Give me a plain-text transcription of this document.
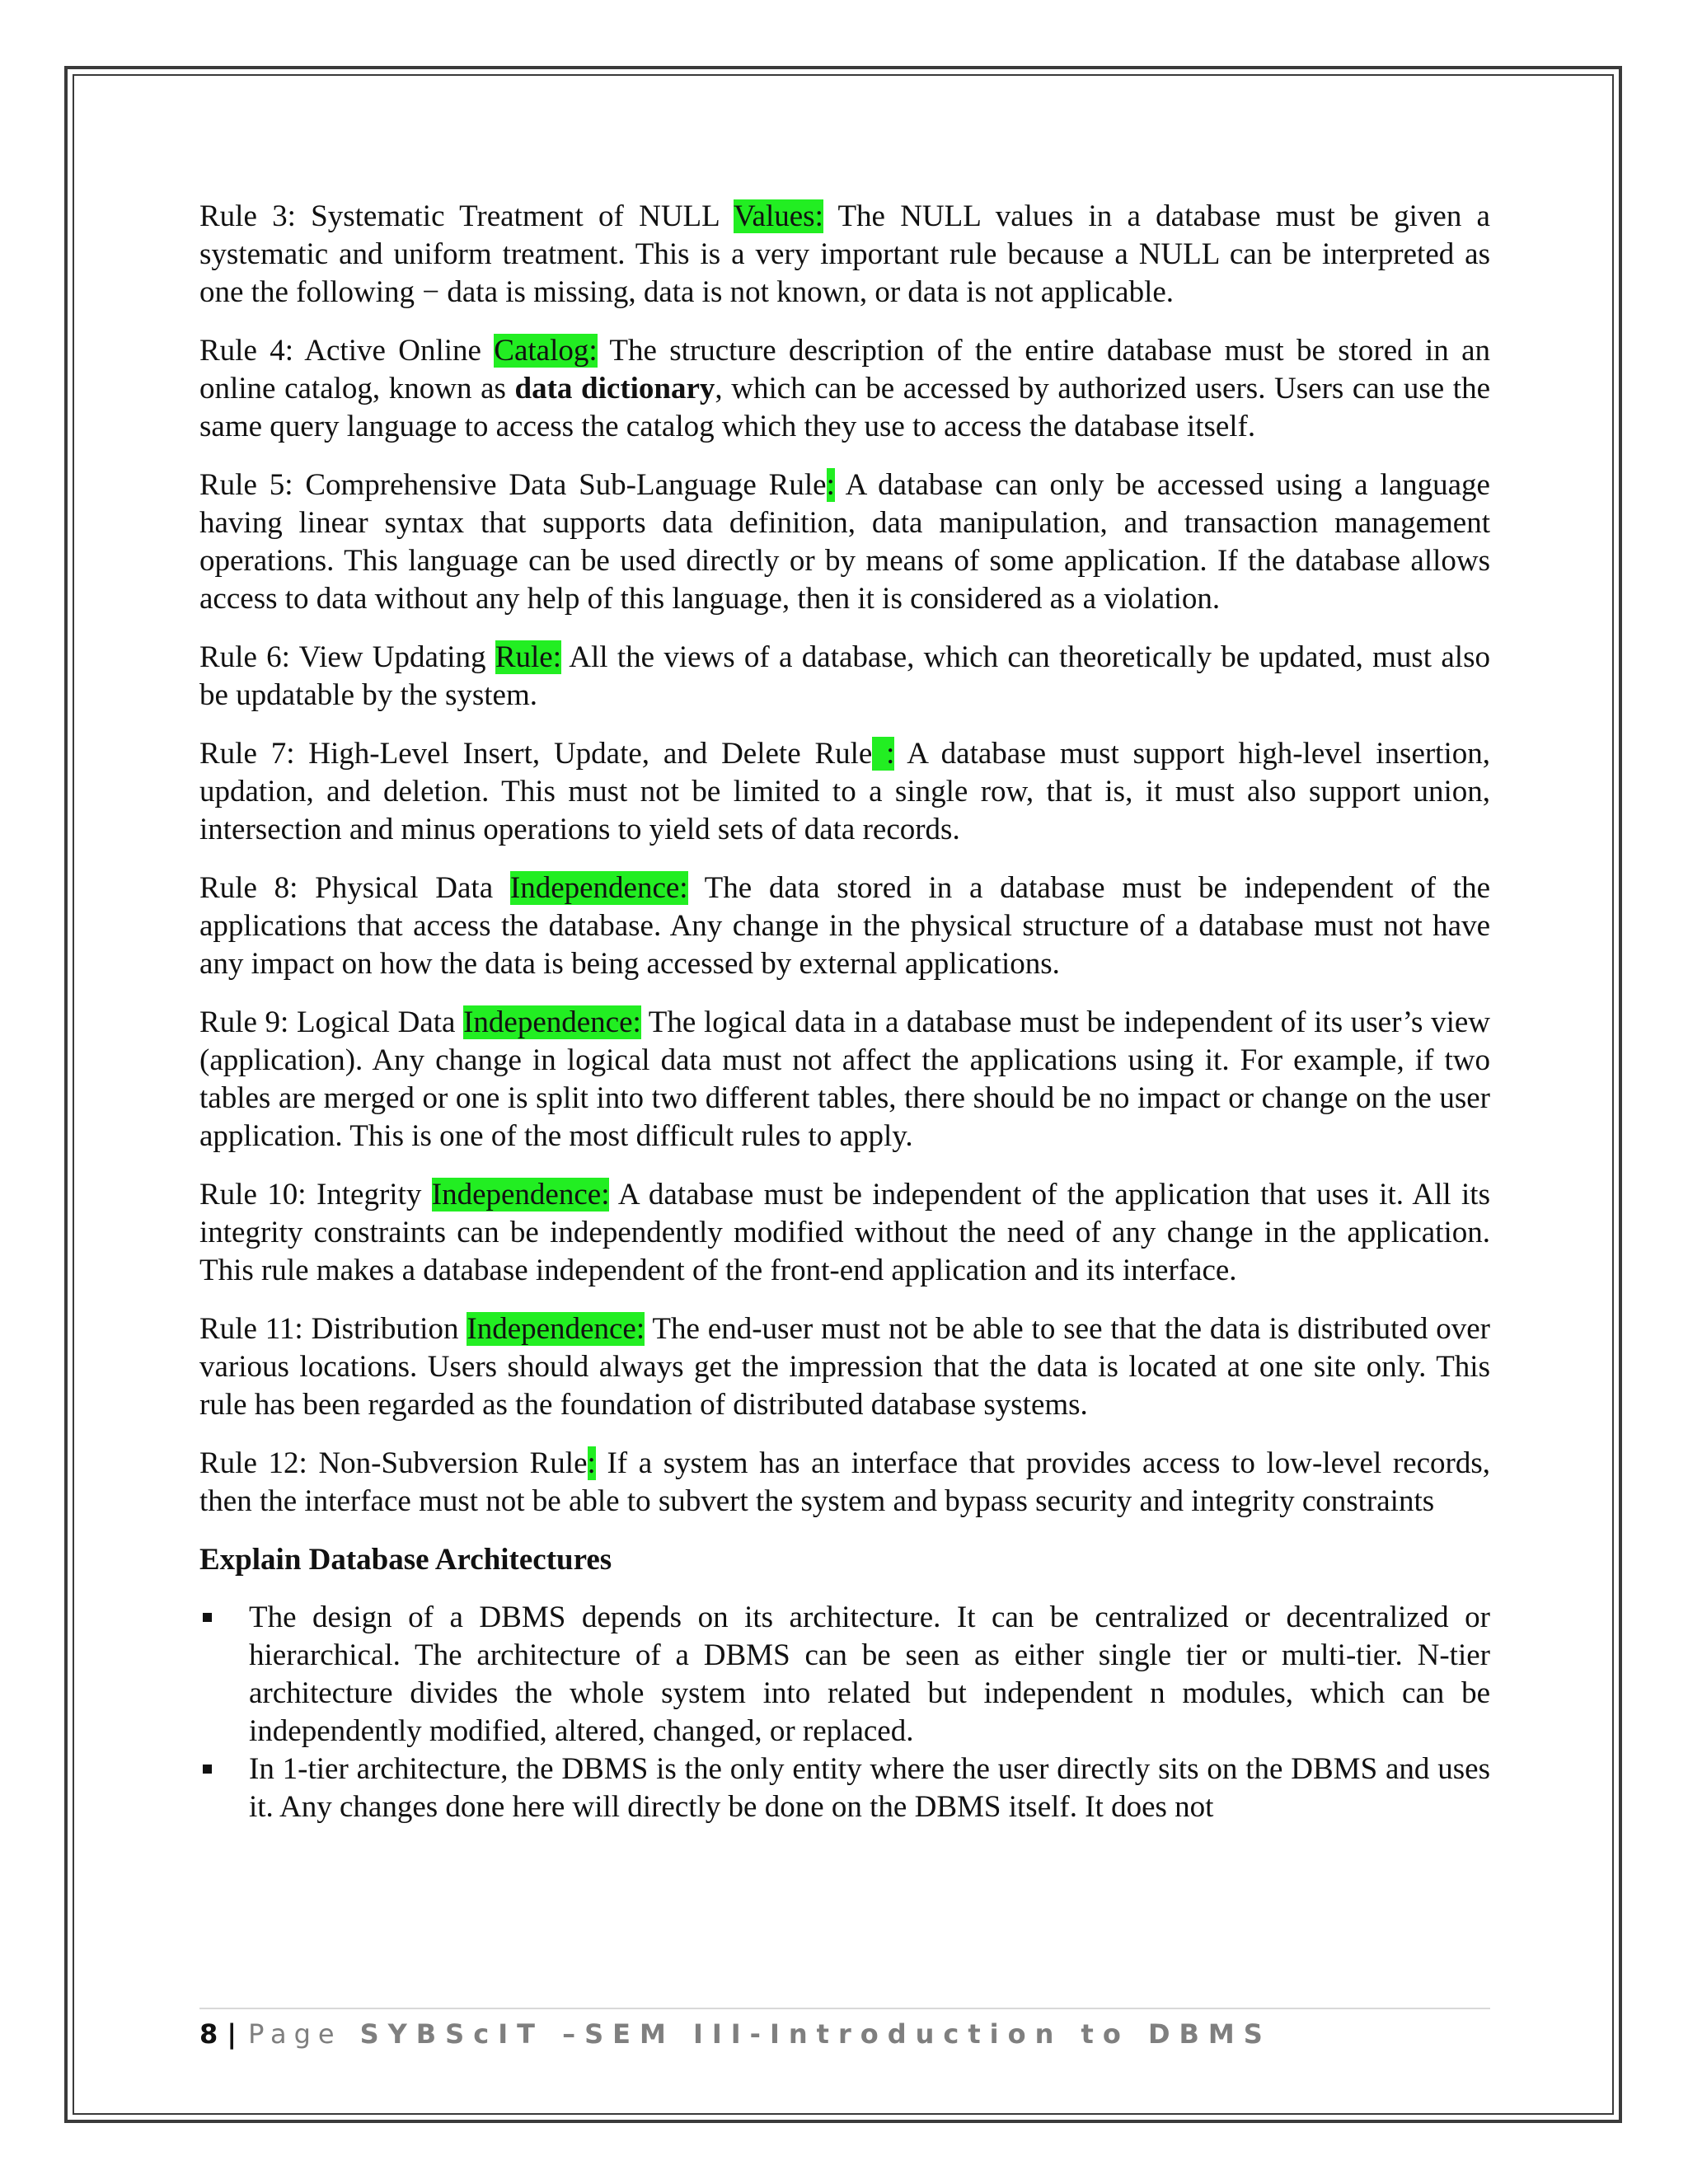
Rule 3: Systematic Treatment of NULL Values: The NULL values in a database must be given a systematic and uniform treatment. This is a very important rule because a NULL can be interpreted as one the following − data is missing, data is not known, or data is not applicable.

Rule 4: Active Online Catalog: The structure description of the entire database must be stored in an online catalog, known as data dictionary, which can be accessed by authorized users. Users can use the same query language to access the catalog which they use to access the database itself.

Rule 5: Comprehensive Data Sub-Language Rule: A database can only be accessed using a language having linear syntax that supports data definition, data manipulation, and transaction management operations. This language can be used directly or by means of some application. If the database allows access to data without any help of this language, then it is considered as a violation.

Rule 6: View Updating Rule: All the views of a database, which can theoretically be updated, must also be updatable by the system.

Rule 7: High-Level Insert, Update, and Delete Rule : A database must support high-level insertion, updation, and deletion. This must not be limited to a single row, that is, it must also support union, intersection and minus operations to yield sets of data records.

Rule 8: Physical Data Independence: The data stored in a database must be independent of the applications that access the database. Any change in the physical structure of a database must not have any impact on how the data is being accessed by external applications.

Rule 9: Logical Data Independence: The logical data in a database must be independent of its user’s view (application). Any change in logical data must not affect the applications using it. For example, if two tables are merged or one is split into two different tables, there should be no impact or change on the user application. This is one of the most difficult rules to apply.

Rule 10: Integrity Independence: A database must be independent of the application that uses it. All its integrity constraints can be independently modified without the need of any change in the application. This rule makes a database independent of the front-end application and its interface.

Rule 11: Distribution Independence: The end-user must not be able to see that the data is distributed over various locations. Users should always get the impression that the data is located at one site only. This rule has been regarded as the foundation of distributed database systems.

Rule 12: Non-Subversion Rule: If a system has an interface that provides access to low-level records, then the interface must not be able to subvert the system and bypass security and integrity constraints

Explain Database Architectures

The design of a DBMS depends on its architecture. It can be centralized or decentralized or hierarchical. The architecture of a DBMS can be seen as either single tier or multi-tier. N-tier architecture divides the whole system into related but independent n modules, which can be independently modified, altered, changed, or replaced.
In 1-tier architecture, the DBMS is the only entity where the user directly sits on the DBMS and uses it. Any changes done here will directly be done on the DBMS itself. It does not
8 | Page SYBScIT –SEM III-Introduction to DBMS
